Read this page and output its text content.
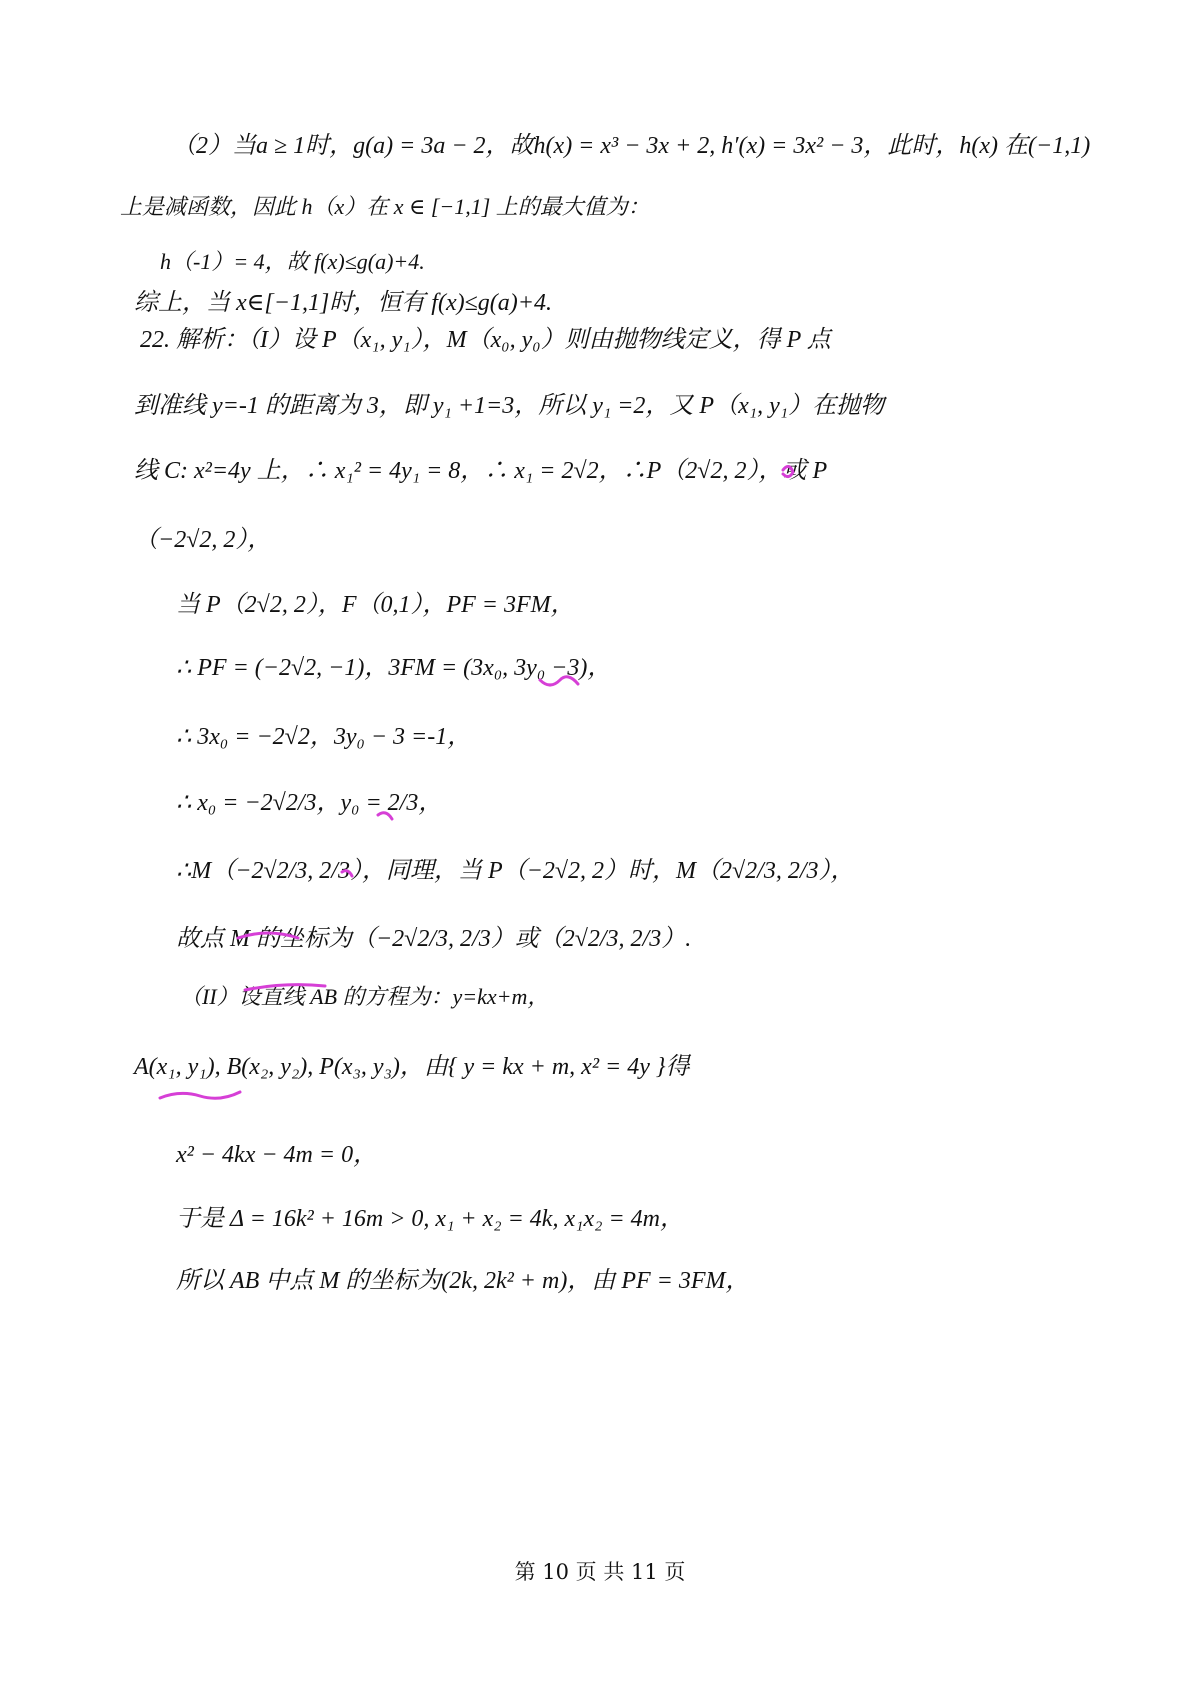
（2）当a ≥ 1时，g(a) = 3a − 2，故h(x) = x³ − 3x + 2, h′(x) = 3x² − 3，此时，h(x) 在(−1,1)
上是减函数，因此 h（x）在 x ∈ [−1,1] 上的最大值为：
h（-1）= 4，故 f(x)≤g(a)+4.
综上，当 x∈[−1,1]时，恒有 f(x)≤g(a)+4.
22. 解析：（I）设 P（x₁, y₁），M（x₀, y₀）则由抛物线定义，得 P 点
到准线 y=-1 的距离为 3，即 y₁ +1=3，所以 y₁ =2，又 P（x₁, y₁）在抛物
线 C: x²=4y 上，∴ x₁² = 4y₁ = 8，∴ x₁ = 2√2，∴P（2√2, 2），或 P
（−2√2, 2），
当 P（2√2, 2），F（0,1），PF = 3FM，
∴ PF = (−2√2, −1)，3FM = (3x₀, 3y₀ −3)，
∴ 3x₀ = −2√2，3y₀ − 3 =-1，
∴ x₀ = −2√2/3，y₀ = 2/3，
∴M（−2√2/3, 2/3），同理，当 P（−2√2, 2）时，M（2√2/3, 2/3），
故点 M 的坐标为（−2√2/3, 2/3）或（2√2/3, 2/3）.
（II）设直线 AB 的方程为：y=kx+m，
A(x₁, y₁), B(x₂, y₂), P(x₃, y₃)，由{ y = kx + m, x² = 4y }得
x² − 4kx − 4m = 0，
于是 Δ = 16k² + 16m > 0, x₁ + x₂ = 4k, x₁x₂ = 4m，
所以 AB 中点 M 的坐标为(2k, 2k² + m)，由 PF = 3FM，
第 10 页 共 11 页
